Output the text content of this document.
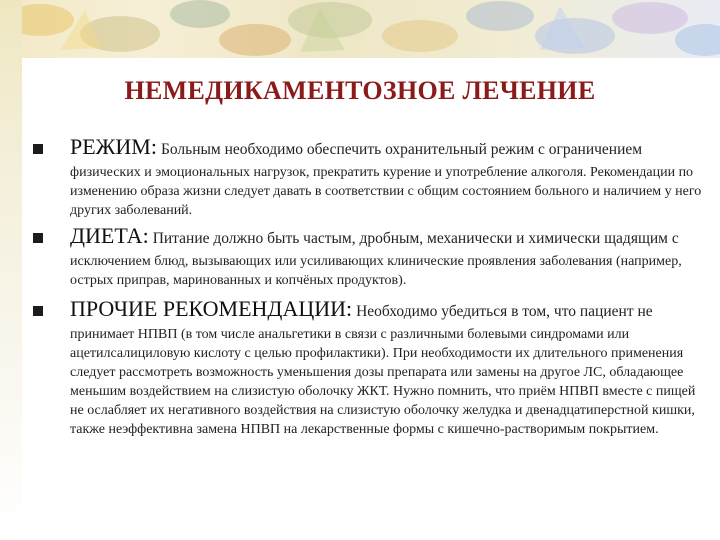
НЕМЕДИКАМЕНТОЗНОЕ ЛЕЧЕНИЕ
РЕЖИМ: Больным необходимо обеспечить охранительный режим с ограничением
физических и эмоциональных нагрузок, прекратить курение и употребление алкоголя. Рекомендации по изменению образа жизни следует давать в соответствии с общим состоянием больного и наличием у него других заболеваний.
ДИЕТА: Питание должно быть частым, дробным, механически и химически щадящим с
исключением блюд, вызывающих или усиливающих клинические проявления заболевания (например, острых приправ, маринованных и копчёных продуктов).
ПРОЧИЕ РЕКОМЕНДАЦИИ: Необходимо убедиться в том, что пациент не
принимает НПВП (в том числе анальгетики в связи с различными болевыми синдромами или ацетилсалициловую кислоту с целью профилактики). При необходимости их длительного применения следует рассмотреть возможность уменьшения дозы препарата или замены на другое ЛС, обладающее меньшим воздействием на слизистую оболочку ЖКТ. Нужно помнить, что приём НПВП вместе с пищей не ослабляет их негативного воздействия на слизистую оболочку желудка и двенадцатиперстной кишки, также неэффективна замена НПВП на лекарственные формы с кишечно-растворимым покрытием.
